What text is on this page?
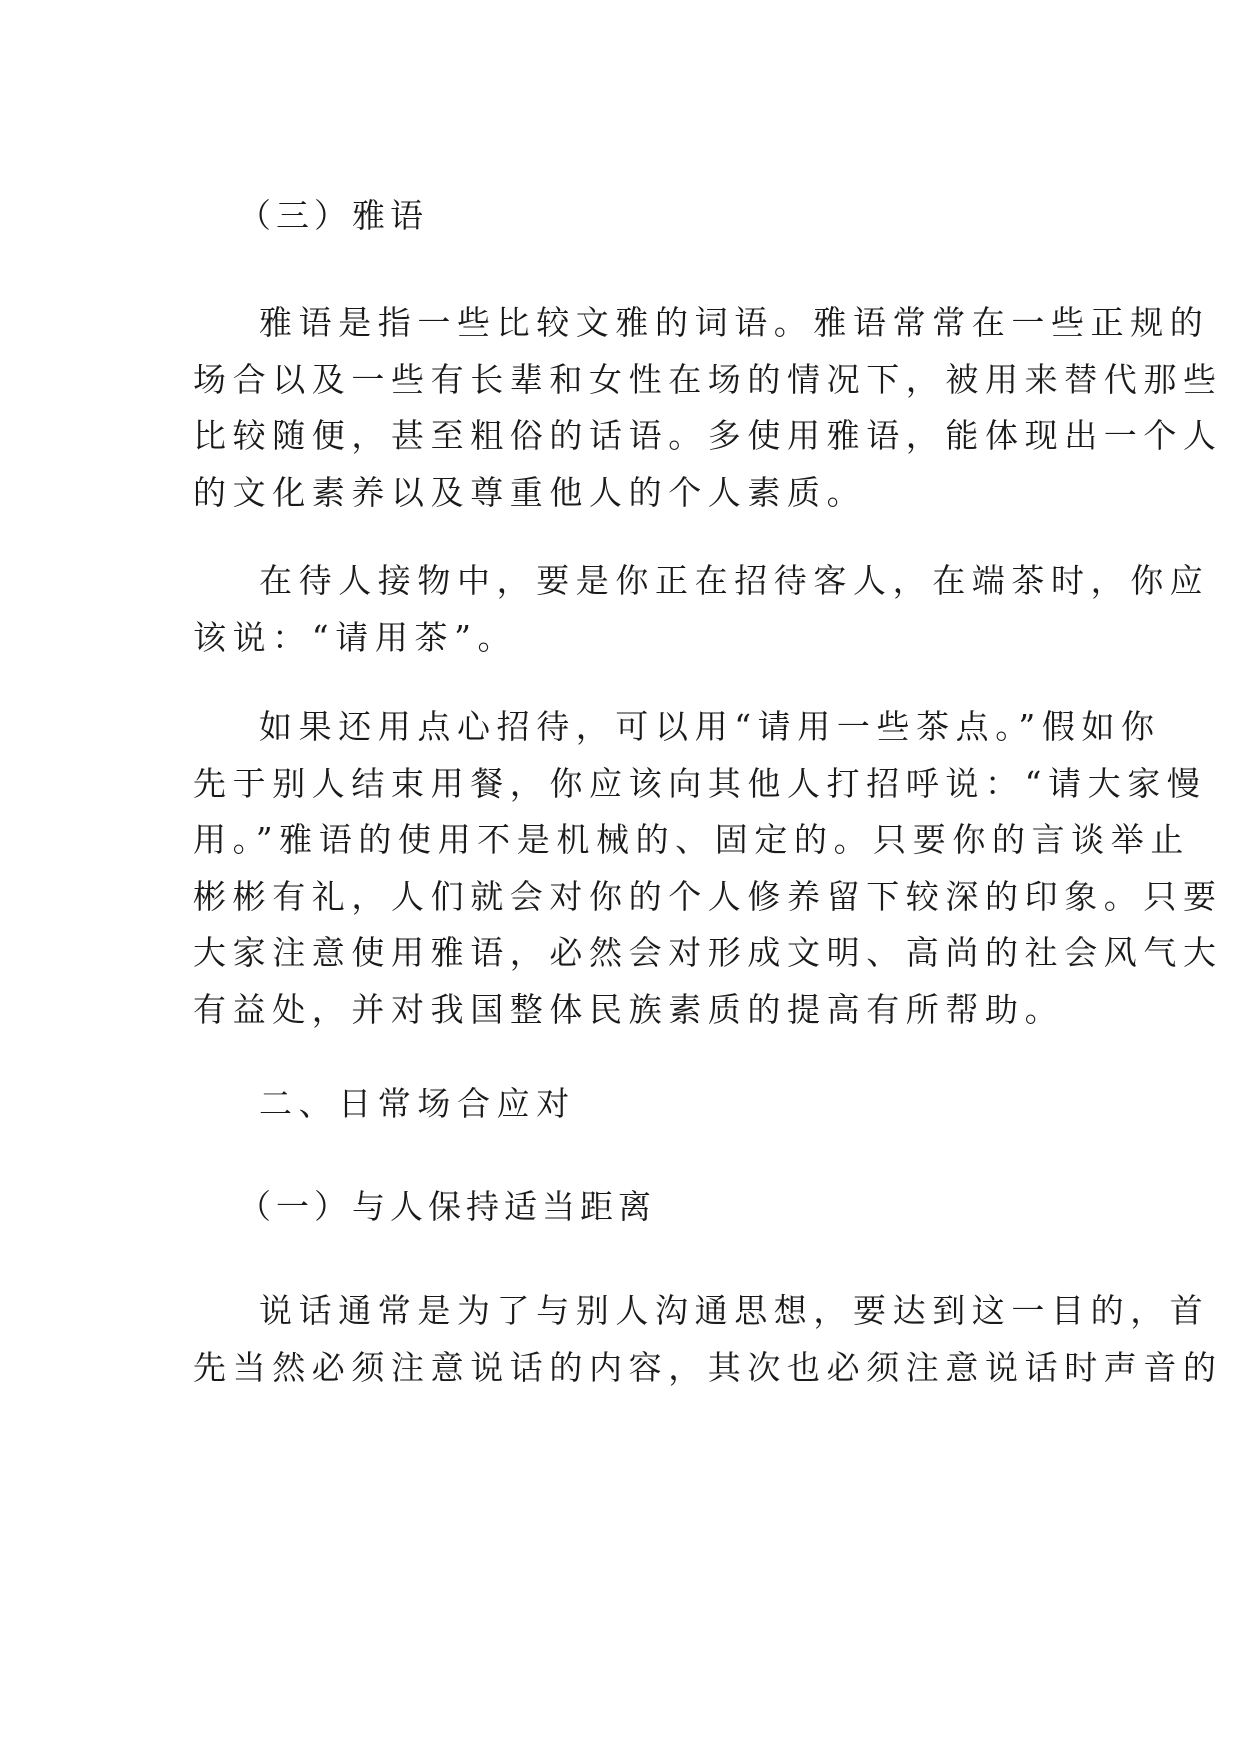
（三）雅语

雅语是指一些比较文雅的词语。雅语常常在一些正规的
场合以及一些有长辈和女性在场的情况下，被用来替代那些
比较随便，甚至粗俗的话语。多使用雅语，能体现出一个人
的文化素养以及尊重他人的个人素质。

在待人接物中，要是你正在招待客人，在端茶时，你应
该说：“请用茶”。

如果还用点心招待，可以用“请用一些茶点。”假如你
先于别人结束用餐，你应该向其他人打招呼说：“请大家慢
用。”雅语的使用不是机械的、固定的。只要你的言谈举止
彬彬有礼，人们就会对你的个人修养留下较深的印象。只要
大家注意使用雅语，必然会对形成文明、高尚的社会风气大
有益处，并对我国整体民族素质的提高有所帮助。

二、日常场合应对

（一）与人保持适当距离

说话通常是为了与别人沟通思想，要达到这一目的，首
先当然必须注意说话的内容，其次也必须注意说话时声音的
